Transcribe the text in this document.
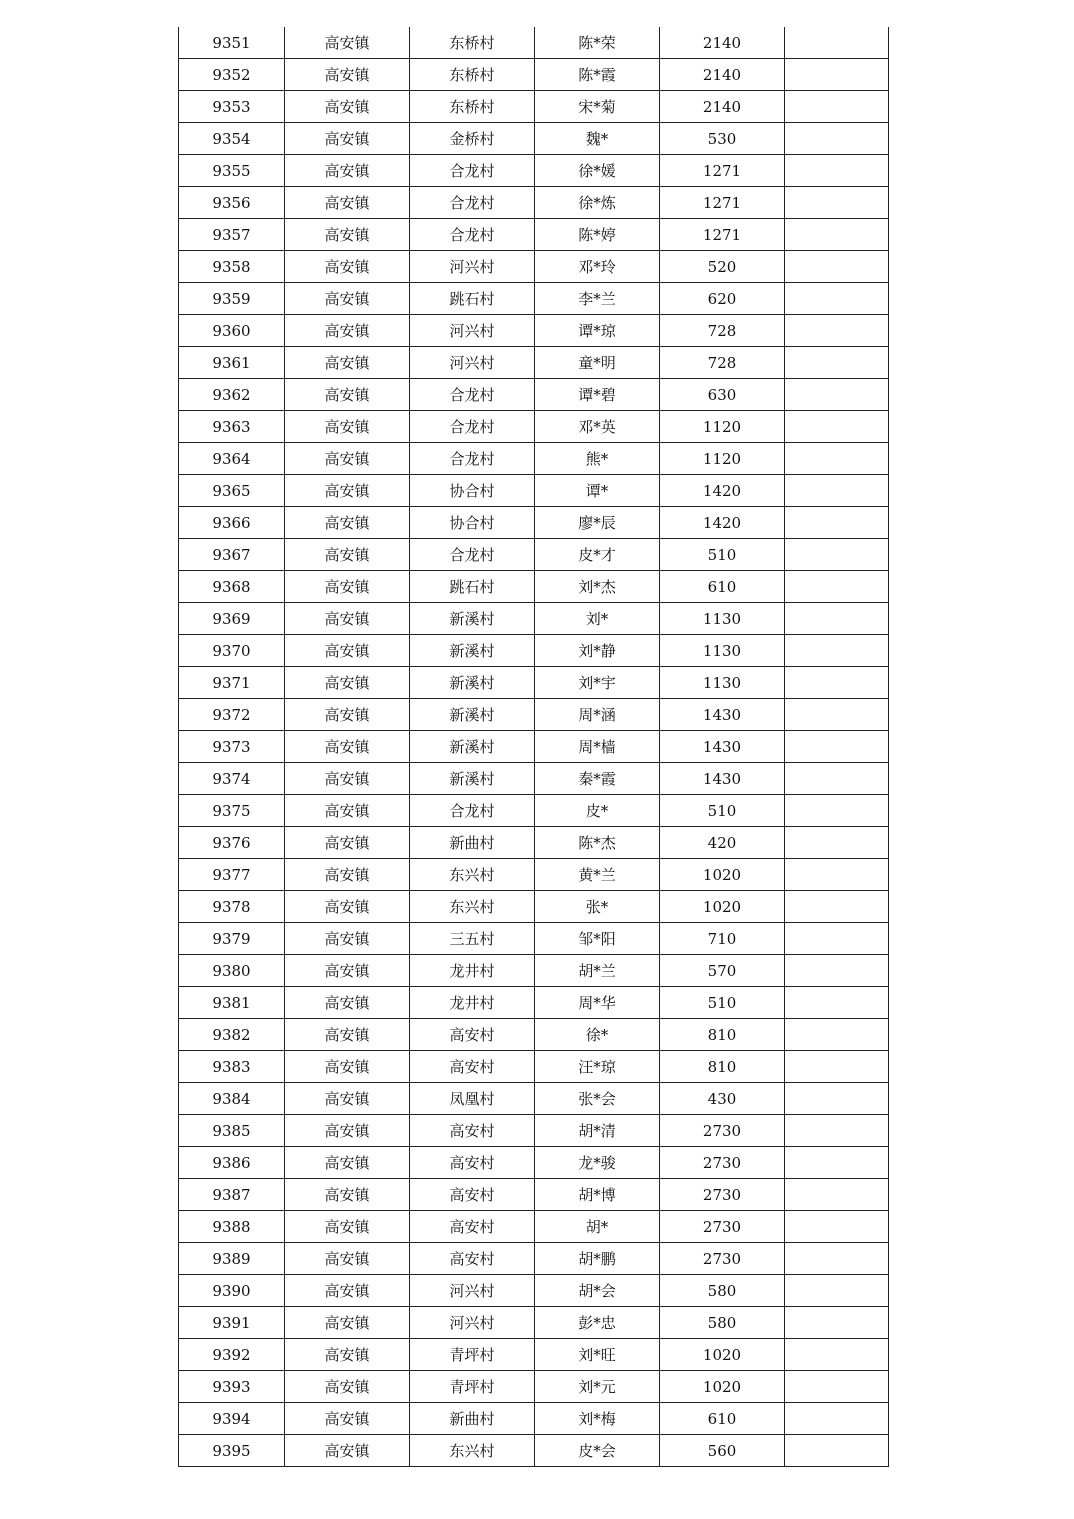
9351	高安镇	东桥村	陈*荣	2140	
9352	高安镇	东桥村	陈*霞	2140	
9353	高安镇	东桥村	宋*菊	2140	
9354	高安镇	金桥村	魏*	530	
9355	高安镇	合龙村	徐*媛	1271	
9356	高安镇	合龙村	徐*炼	1271	
9357	高安镇	合龙村	陈*婷	1271	
9358	高安镇	河兴村	邓*玲	520	
9359	高安镇	跳石村	李*兰	620	
9360	高安镇	河兴村	谭*琼	728	
9361	高安镇	河兴村	童*明	728	
9362	高安镇	合龙村	谭*碧	630	
9363	高安镇	合龙村	邓*英	1120	
9364	高安镇	合龙村	熊*	1120	
9365	高安镇	协合村	谭*	1420	
9366	高安镇	协合村	廖*辰	1420	
9367	高安镇	合龙村	皮*才	510	
9368	高安镇	跳石村	刘*杰	610	
9369	高安镇	新溪村	刘*	1130	
9370	高安镇	新溪村	刘*静	1130	
9371	高安镇	新溪村	刘*宇	1130	
9372	高安镇	新溪村	周*涵	1430	
9373	高安镇	新溪村	周*樯	1430	
9374	高安镇	新溪村	秦*霞	1430	
9375	高安镇	合龙村	皮*	510	
9376	高安镇	新曲村	陈*杰	420	
9377	高安镇	东兴村	黄*兰	1020	
9378	高安镇	东兴村	张*	1020	
9379	高安镇	三五村	邹*阳	710	
9380	高安镇	龙井村	胡*兰	570	
9381	高安镇	龙井村	周*华	510	
9382	高安镇	高安村	徐*	810	
9383	高安镇	高安村	汪*琼	810	
9384	高安镇	凤凰村	张*会	430	
9385	高安镇	高安村	胡*清	2730	
9386	高安镇	高安村	龙*骏	2730	
9387	高安镇	高安村	胡*博	2730	
9388	高安镇	高安村	胡*	2730	
9389	高安镇	高安村	胡*鹏	2730	
9390	高安镇	河兴村	胡*会	580	
9391	高安镇	河兴村	彭*忠	580	
9392	高安镇	青坪村	刘*旺	1020	
9393	高安镇	青坪村	刘*元	1020	
9394	高安镇	新曲村	刘*梅	610	
9395	高安镇	东兴村	皮*会	560	
